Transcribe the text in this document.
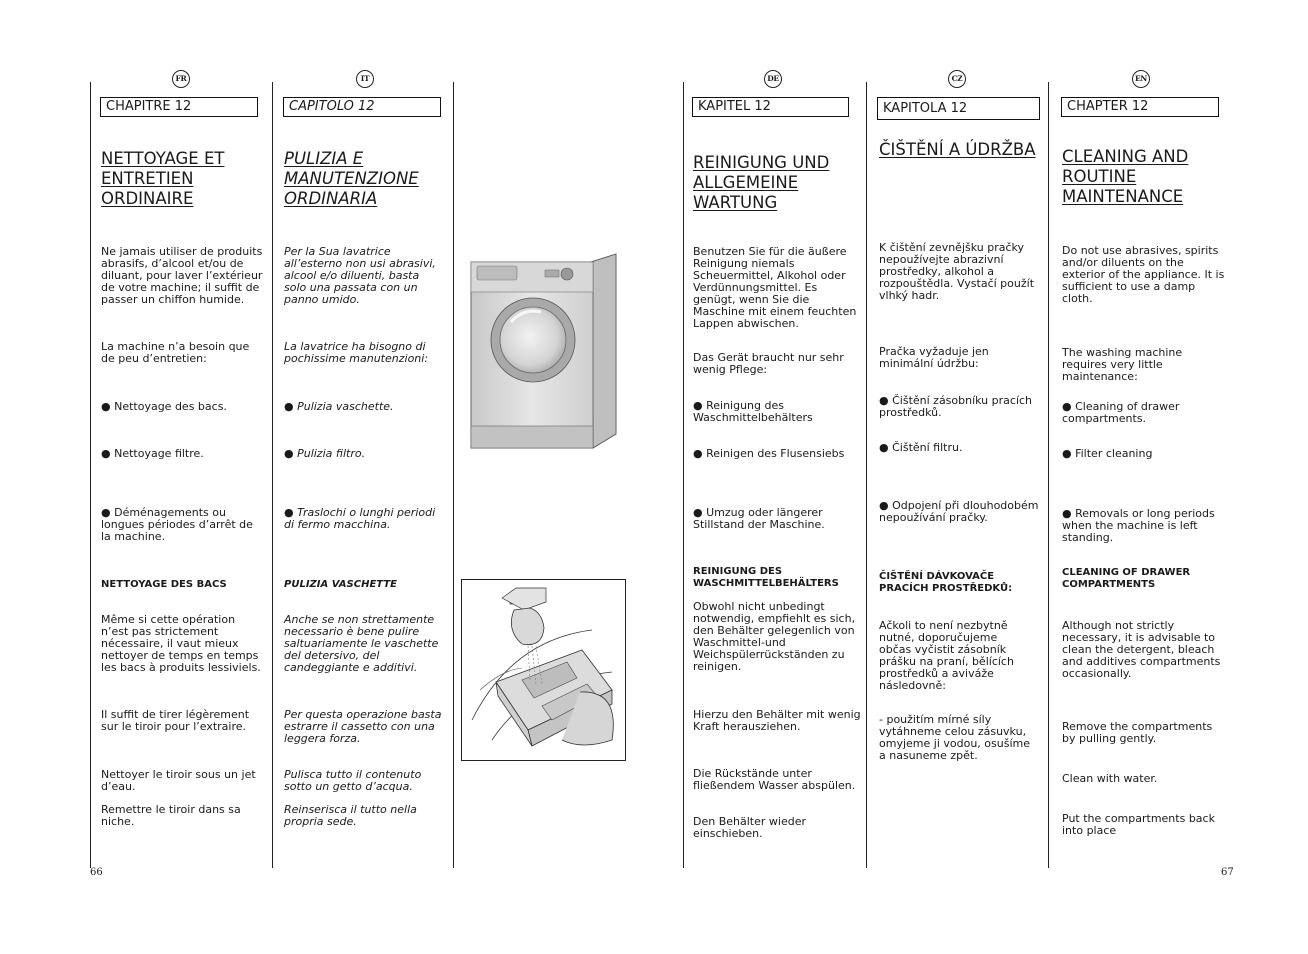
FR
CHAPITRE 12
NETTOYAGE ET ENTRETIEN ORDINAIRE
Ne jamais utiliser de produits abrasifs, d’alcool et/ou de diluant, pour laver l’extérieur de votre machine; il suffit de passer un chiffon humide.
La machine n’a besoin que de peu d’entretien:
● Nettoyage des bacs.
● Nettoyage filtre.
● Déménagements ou longues périodes d’arrêt de la machine.
NETTOYAGE DES BACS
Même si cette opération n’est pas strictement nécessaire, il vaut mieux nettoyer de temps en temps les bacs à produits lessiviels.
Il suffit de tirer légèrement sur le tiroir pour l’extraire.
Nettoyer le tiroir sous un jet d’eau.
Remettre le tiroir dans sa niche.
IT
CAPITOLO 12
PULIZIA E MANUTENZIONE ORDINARIA
Per la Sua lavatrice all’esterno non usi abrasivi, alcool e/o diluenti, basta solo una passata con un panno umido.
La lavatrice ha bisogno di pochissime manutenzioni:
● Pulizia vaschette.
● Pulizia filtro.
● Traslochi o lunghi periodi di fermo macchina.
PULIZIA VASCHETTE
Anche se non strettamente necessario è bene pulire saltuariamente le vaschette del detersivo, del candeggiante e additivi.
Per questa operazione basta estrarre il cassetto con una leggera forza.
Pulisca tutto il contenuto sotto un getto d’acqua.
Reinserisca il tutto nella propria sede.
DE
KAPITEL 12
REINIGUNG UND ALLGEMEINE WARTUNG
Benutzen Sie für die äußere Reinigung niemals Scheuermittel, Alkohol oder Verdünnungsmittel. Es genügt, wenn Sie die Maschine mit einem feuchten Lappen abwischen.
Das Gerät braucht nur sehr wenig Pflege:
● Reinigung des Waschmittelbehälters
● Reinigen des Flusensiebs
● Umzug oder längerer Stillstand der Maschine.
REINIGUNG DES WASCHMITTELBEHÄLTERS
Obwohl nicht unbedingt notwendig, empfiehlt es sich, den Behälter gelegenlich von Waschmittel-und Weichspülerrückständen zu reinigen.
Hierzu den Behälter mit wenig Kraft herausziehen.
Die Rückstände unter fließendem Wasser abspülen.
Den Behälter wieder einschieben.
CZ
KAPITOLA 12
ČIŠTĚNÍ A ÚDRŽBA
K čištění zevnějšku pračky nepoužívejte abrazivní prostředky, alkohol a rozpouštědla. Vystačí použít vlhký hadr.
Pračka vyžaduje jen minimální údržbu:
● Čištění zásobníku pracích prostředků.
● Čištění filtru.
● Odpojení při dlouhodobém nepoužívání pračky.
ČIŠTĚNÍ DÁVKOVAČE PRACÍCH PROSTŘEDKŮ:
Ačkoli to není nezbytně nutné, doporučujeme občas vyčistit zásobník prášku na praní, bělících prostředků a aviváže následovně:
- použitím mírné síly vytáhneme celou zásuvku, omyjeme ji vodou, osušíme a nasuneme zpět.
EN
CHAPTER 12
CLEANING AND ROUTINE MAINTENANCE
Do not use abrasives, spirits and/or diluents on the exterior of the appliance. It is sufficient to use a damp cloth.
The washing machine requires very little maintenance:
● Cleaning of drawer compartments.
● Filter cleaning
● Removals or long periods when the machine is left standing.
CLEANING OF DRAWER COMPARTMENTS
Although not strictly necessary, it is advisable to clean the detergent, bleach and additives compartments occasionally.
Remove the compartments by pulling gently.
Clean with water.
Put the compartments back into place
66	67
